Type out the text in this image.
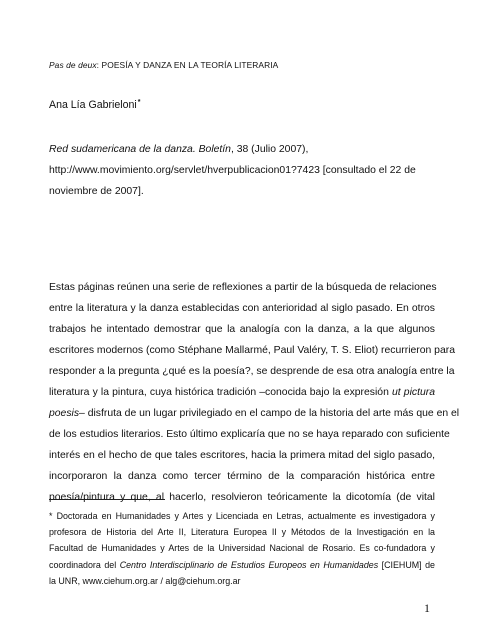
Pas de deux: POESÍA Y DANZA EN LA TEORÍA LITERARIA
Ana Lía Gabrieloni*

Red sudamericana de la danza. Boletín, 38 (Julio 2007),

http://www.movimiento.org/servlet/hverpublicacion01?7423 [consultado el 22 de

noviembre de 2007].

Estas páginas reúnen una serie de reflexiones a partir de la búsqueda de relaciones

entre la literatura y la danza establecidas con anterioridad al siglo pasado. En otros

trabajos he intentado demostrar que la analogía con la danza, a la que algunos

escritores modernos (como Stéphane Mallarmé, Paul Valéry, T. S. Eliot) recurrieron para

responder a la pregunta ¿qué es la poesía?, se desprende de esa otra analogía entre la

literatura y la pintura, cuya histórica tradición –conocida bajo la expresión ut pictura

poesis– disfruta de un lugar privilegiado en el campo de la historia del arte más que en el

de los estudios literarios. Esto último explicaría que no se haya reparado con suficiente

interés en el hecho de que tales escritores, hacia la primera mitad del siglo pasado,

incorporaron la danza como tercer término de la comparación histórica entre

poesía/pintura y que, al hacerlo, resolvieron teóricamente la dicotomía (de vital

* Doctorada en Humanidades y Artes y Licenciada en Letras, actualmente es investigadora y

profesora de Historia del Arte II, Literatura Europea II y Métodos de la Investigación en la

Facultad de Humanidades y Artes de la Universidad Nacional de Rosario. Es co-fundadora y

coordinadora del Centro Interdisciplinario de Estudios Europeos en Humanidades [CIEHUM] de

la UNR, www.ciehum.org.ar / alg@ciehum.org.ar

1
